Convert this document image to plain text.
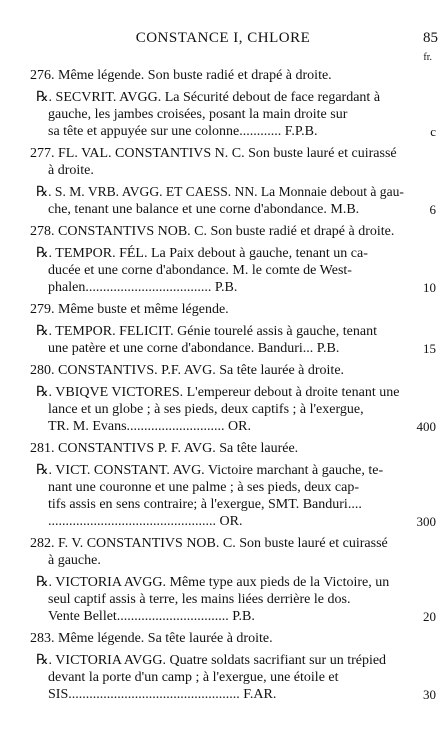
CONSTANCE I, CHLORE	85
fr.
276. Même légende. Son buste radié et drapé à droite.
℞. SECVRIT. AVGG. La Sécurité debout de face regardant à
gauche, les jambes croisées, posant la main droite sur
sa tête et appuyée sur une colonne............ F.P.B.	c
277. FL. VAL. CONSTANTIVS N. C. Son buste lauré et cuirassé
à droite.
℞. S. M. VRB. AVGG. ET CAESS. NN. La Monnaie debout à gau-
che, tenant une balance et une corne d'abondance. M.B.	6
278. CONSTANTIVS NOB. C. Son buste radié et drapé à droite.
℞. TEMPOR. FÉL. La Paix debout à gauche, tenant un ca-
ducée et une corne d'abondance. M. le comte de West-
phalen.................................... P.B.	10
279. Même buste et même légende.
℞. TEMPOR. FELICIT. Génie tourelé assis à gauche, tenant
une patère et une corne d'abondance. Banduri... P.B.	15
280. CONSTANTIVS. P.F. AVG. Sa tête laurée à droite.
℞. VBIQVE VICTORES. L'empereur debout à droite tenant une
lance et un globe ; à ses pieds, deux captifs ; à l'exergue,
TR. M. Evans............................ OR.	400
281. CONSTANTIVS P. F. AVG. Sa tête laurée.
℞. VICT. CONSTANT. AVG. Victoire marchant à gauche, te-
nant une couronne et une palme ; à ses pieds, deux cap-
tifs assis en sens contraire; à l'exergue, SMT. Banduri....
................................................ OR.	300
282. F. V. CONSTANTIVS NOB. C. Son buste lauré et cuirassé
à gauche.
℞. VICTORIA AVGG. Même type aux pieds de la Victoire, un
seul captif assis à terre, les mains liées derrière le dos.
Vente Bellet................................ P.B.	20
283. Même légende. Sa tête laurée à droite.
℞. VICTORIA AVGG. Quatre soldats sacrifiant sur un trépied
devant la porte d'un camp ; à l'exergue, une étoile et
SIS................................................. F.AR.	30
